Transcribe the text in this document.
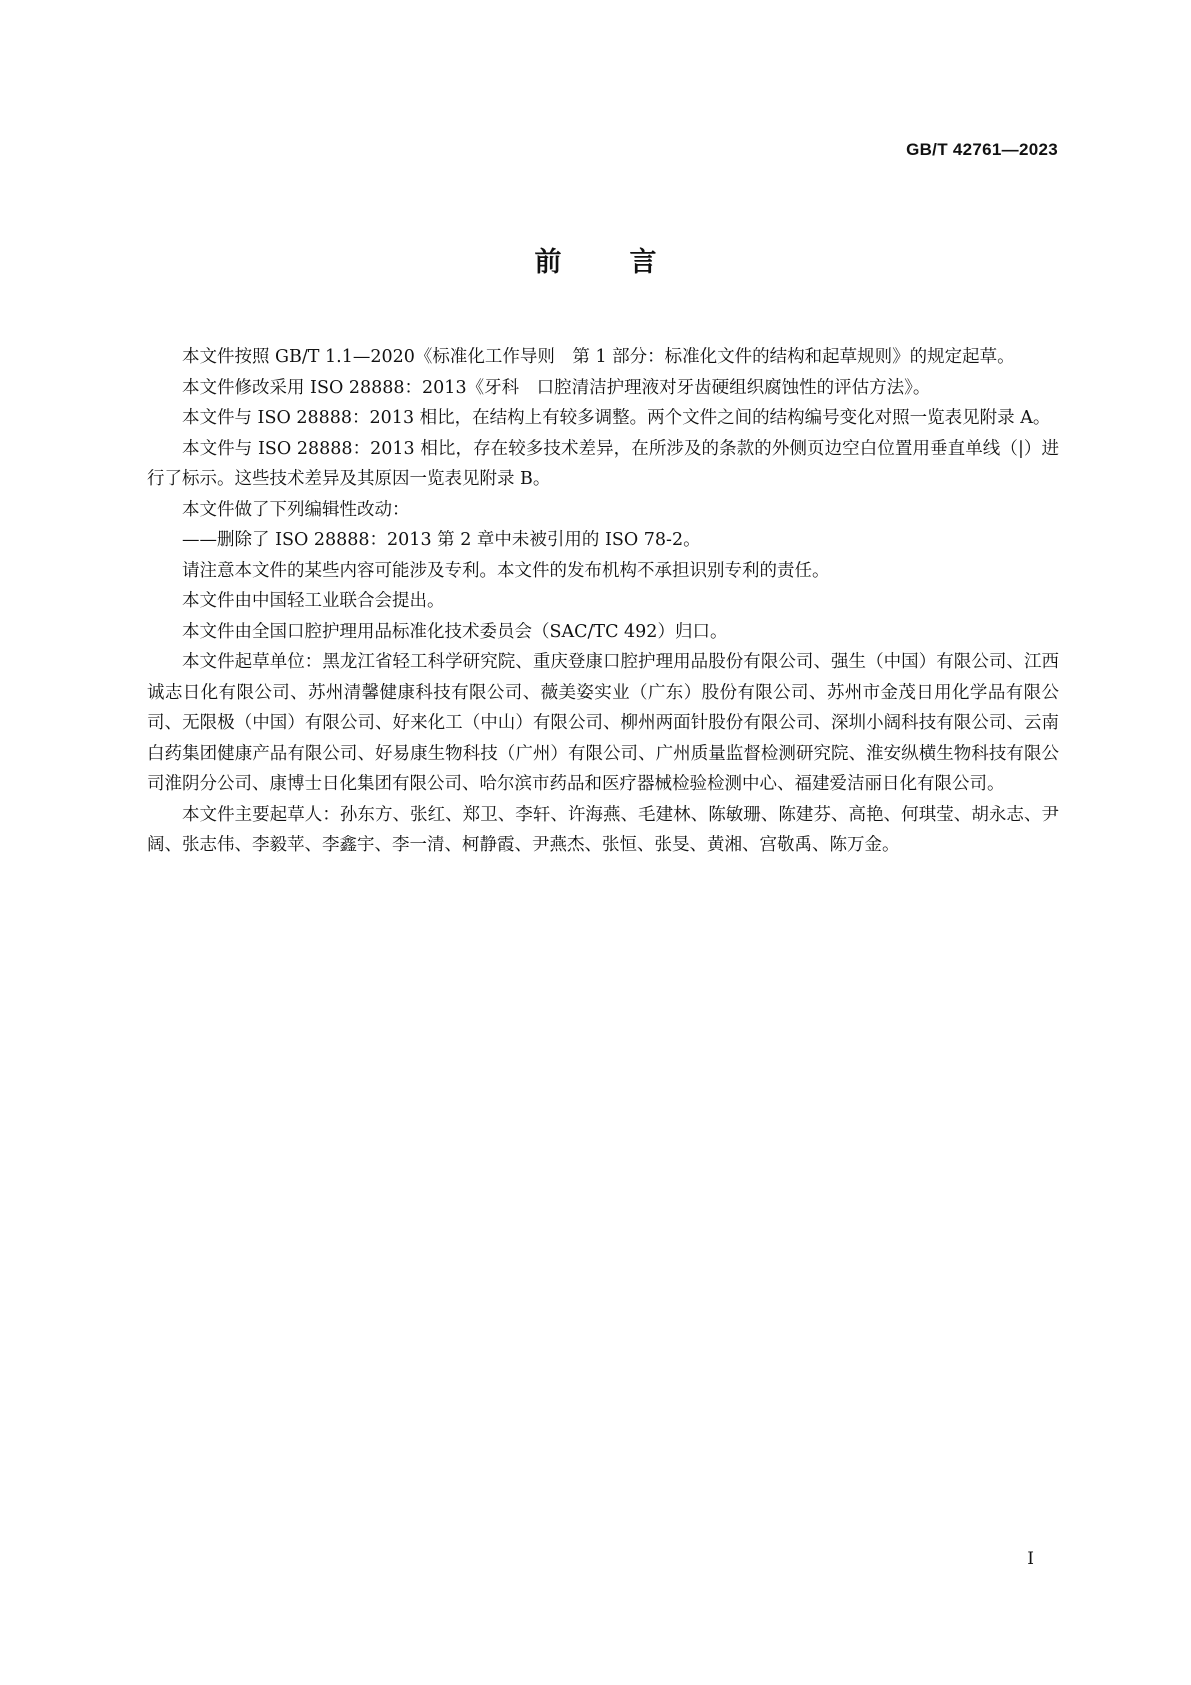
GB/T 42761—2023
前言

本文件按照 GB/T 1.1—2020《标准化工作导则　第 1 部分：标准化文件的结构和起草规则》的规定起草。

本文件修改采用 ISO 28888：2013《牙科　口腔清洁护理液对牙齿硬组织腐蚀性的评估方法》。

本文件与 ISO 28888：2013 相比，在结构上有较多调整。两个文件之间的结构编号变化对照一览表见附录 A。

本文件与 ISO 28888：2013 相比，存在较多技术差异，在所涉及的条款的外侧页边空白位置用垂直单线（|）进行了标示。这些技术差异及其原因一览表见附录 B。

本文件做了下列编辑性改动：

——删除了 ISO 28888：2013 第 2 章中未被引用的 ISO 78-2。

请注意本文件的某些内容可能涉及专利。本文件的发布机构不承担识别专利的责任。

本文件由中国轻工业联合会提出。

本文件由全国口腔护理用品标准化技术委员会（SAC/TC 492）归口。

本文件起草单位：黑龙江省轻工科学研究院、重庆登康口腔护理用品股份有限公司、强生（中国）有限公司、江西诚志日化有限公司、苏州清馨健康科技有限公司、薇美姿实业（广东）股份有限公司、苏州市金茂日用化学品有限公司、无限极（中国）有限公司、好来化工（中山）有限公司、柳州两面针股份有限公司、深圳小阔科技有限公司、云南白药集团健康产品有限公司、好易康生物科技（广州）有限公司、广州质量监督检测研究院、淮安纵横生物科技有限公司淮阴分公司、康博士日化集团有限公司、哈尔滨市药品和医疗器械检验检测中心、福建爱洁丽日化有限公司。

本文件主要起草人：孙东方、张红、郑卫、李轩、许海燕、毛建林、陈敏珊、陈建芬、高艳、何琪莹、胡永志、尹阔、张志伟、李毅苹、李鑫宇、李一清、柯静霞、尹燕杰、张恒、张旻、黄湘、宫敬禹、陈万金。

I
